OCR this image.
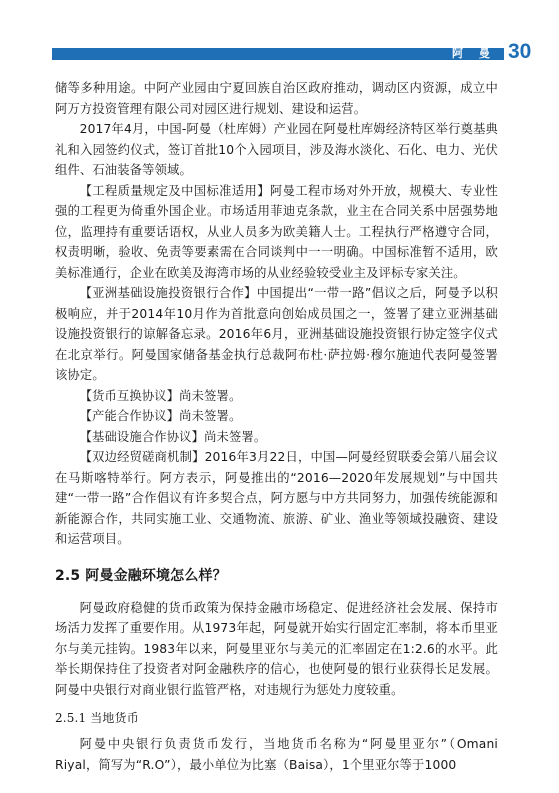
阿 曼 30

储等多种用途。中阿产业园由宁夏回族自治区政府推动，调动区内资源，成立中阿万方投资管理有限公司对园区进行规划、建设和运营。

2017年4月，中国-阿曼（杜库姆）产业园在阿曼杜库姆经济特区举行奠基典礼和入园签约仪式，签订首批10个入园项目，涉及海水淡化、石化、电力、光伏组件、石油装备等领域。

【工程质量规定及中国标准适用】阿曼工程市场对外开放，规模大、专业性强的工程更为倚重外国企业。市场适用菲迪克条款，业主在合同关系中居强势地位，监理持有重要话语权，从业人员多为欧美籍人士。工程执行严格遵守合同，权责明晰，验收、免责等要素需在合同谈判中一一明确。中国标准暂不适用，欧美标准通行，企业在欧美及海湾市场的从业经验较受业主及评标专家关注。

【亚洲基础设施投资银行合作】中国提出“一带一路”倡议之后，阿曼予以积极响应，并于2014年10月作为首批意向创始成员国之一，签署了建立亚洲基础设施投资银行的谅解备忘录。2016年6月，亚洲基础设施投资银行协定签字仪式在北京举行。阿曼国家储备基金执行总裁阿布杜·萨拉姆·穆尔施迪代表阿曼签署该协定。

【货币互换协议】尚未签署。

【产能合作协议】尚未签署。

【基础设施合作协议】尚未签署。

【双边经贸磋商机制】2016年3月22日，中国—阿曼经贸联委会第八届会议在马斯喀特举行。阿方表示，阿曼推出的“2016—2020年发展规划”与中国共建“一带一路”合作倡议有许多契合点，阿方愿与中方共同努力，加强传统能源和新能源合作，共同实施工业、交通物流、旅游、矿业、渔业等领域投融资、建设和运营项目。

2.5 阿曼金融环境怎么样？

阿曼政府稳健的货币政策为保持金融市场稳定、促进经济社会发展、保持市场活力发挥了重要作用。从1973年起，阿曼就开始实行固定汇率制，将本币里亚尔与美元挂钩。1983年以来，阿曼里亚尔与美元的汇率固定在1:2.6的水平。此举长期保持住了投资者对阿金融秩序的信心，也使阿曼的银行业获得长足发展。阿曼中央银行对商业银行监管严格，对违规行为惩处力度较重。

2.5.1 当地货币

阿曼中央银行负责货币发行，当地货币名称为“阿曼里亚尔”（Omani Riyal，简写为“R.O”），最小单位为比塞（Baisa），1个里亚尔等于1000
